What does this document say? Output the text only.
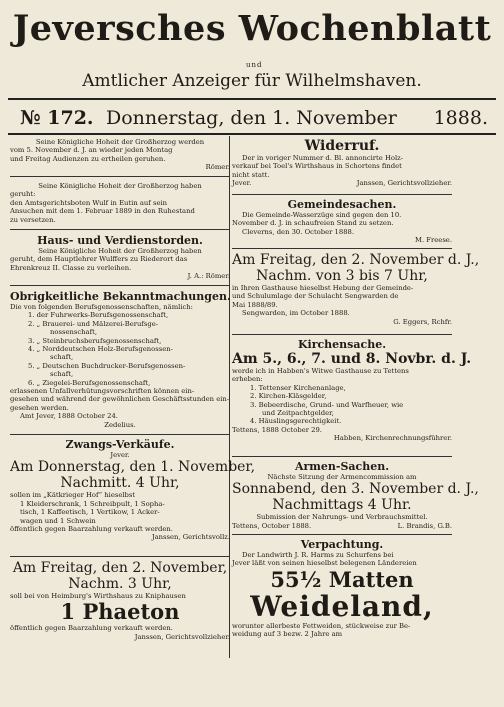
Jeversches Wochenblatt
und
Amtlicher Anzeiger für Wilhelmshaven.
№ 172. Donnerstag, den 1. November 1888.
Seine Königliche Hoheit der Großherzog werden
vom 5. November d. J. an wieder jeden Montag
und Freitag Audienzen zu ertheilen geruhen.
Römer.
Seine Königliche Hoheit der Großherzog haben
geruht:
den Amtsgerichtsboten Wulf in Eutin auf sein
Ansuchen mit dem 1. Februar 1889 in den Ruhestand
zu versetzen.
Haus- und Verdienstorden.
Seine Königliche Hoheit der Großherzog haben
geruht, dem Hauptlehrer Wulffers zu Riederort das
Ehrenkreuz II. Classe zu verleihen.
J. A.: Römer.
Obrigkeitliche Bekanntmachungen.
Die von folgenden Berufsgenossenschaften, nämlich:
1. der Fuhrwerks-Berufsgenossenschaft,
2. „ Brauerei- und Mälzerei-Berufsge-
nossenschaft,
3. „ Steinbruchsberufsgenossenschaft,
4. „ Norddeutschen Holz-Berufsgenossen-
schaft,
5. „ Deutschen Buchdrucker-Berufsgenossen-
schaft,
6. „ Ziegelei-Berufsgenossenschaft,
erlassenen Unfallverhütungsvorschriften können ein-
gesehen und während der gewöhnlichen Geschäftsstunden ein-
gesehen werden.
Amt Jever, 1888 October 24.
Zedelius.
Zwangs-Verkäufe.
Jever.
Am Donnerstag, den 1. November,
Nachmitt. 4 Uhr,
sollen im „Kätkrieger Hof“ hieselbst
1 Kleiderschrank, 1 Schreibpult, 1 Sopha-
tisch, 1 Kaffeetisch, 1 Vertikow, 1 Acker-
wagen und 1 Schwein
öffentlich gegen Baarzahlung verkauft werden.
Janssen, Gerichtsvollz.
Am Freitag, den 2. November,
Nachm. 3 Uhr,
soll bei von Heimburg's Wirthshaus zu Kniphausen
1 Phaeton
öffentlich gegen Baarzahlung verkauft werden.
Janssen, Gerichtsvollzieher.
Widerruf.
Der in voriger Nummer d. Bl. annoncirte Holz-
verkauf bei Toel's Wirthshaus in Schortens findet
nicht statt.
Jever.	Janssen, Gerichtsvollzieher.
Gemeindesachen.
Die Gemeinde-Wasserzüge sind gegen den 10.
November d. J. in schaufreien Stand zu setzen.
Cleverns, den 30. October 1888.
M. Freese.
Am Freitag, den 2. November d. J.,
Nachm. von 3 bis 7 Uhr,
in Ihren Gasthause hieselbst Hebung der Gemeinde-
und Schulumlage der Schulacht Sengwarden de
Mai 1888/89.
Sengwarden, im October 1888.
G. Eggers, Rchfr.
Kirchensache.
Am 5., 6., 7. und 8. Novbr. d. J.
werde ich in Habben's Witwe Gasthause zu Tettens
erheben:
1. Tettenser Kirchenanlage,
2. Kirchen-Kläsgelder,
3. Bebeerdische, Grund- und Warfheuer, wie
und Zeitpachtgelder,
4. Häuslingsgerechtigkeit.
Tettens, 1888 October 29.
Habben, Kirchenrechnungsführer.
Armen-Sachen.
Nächste Sitzung der Armencommission am
Sonnabend, den 3. November d. J.,
Nachmittags 4 Uhr.
Submission der Nahrungs- und Verbrauchsmittel.
Tettens, October 1888.	L. Brandis, G.B.
Verpachtung.
Der Landwirth J. R. Harms zu Schurfens bei
Jever läßt von seinen hieselbst belegenen Ländereien
55½ Matten
Weideland,
worunter allerbeste Fettweiden, stückweise zur Be-
weidung auf 3 bezw. 2 Jahre am
